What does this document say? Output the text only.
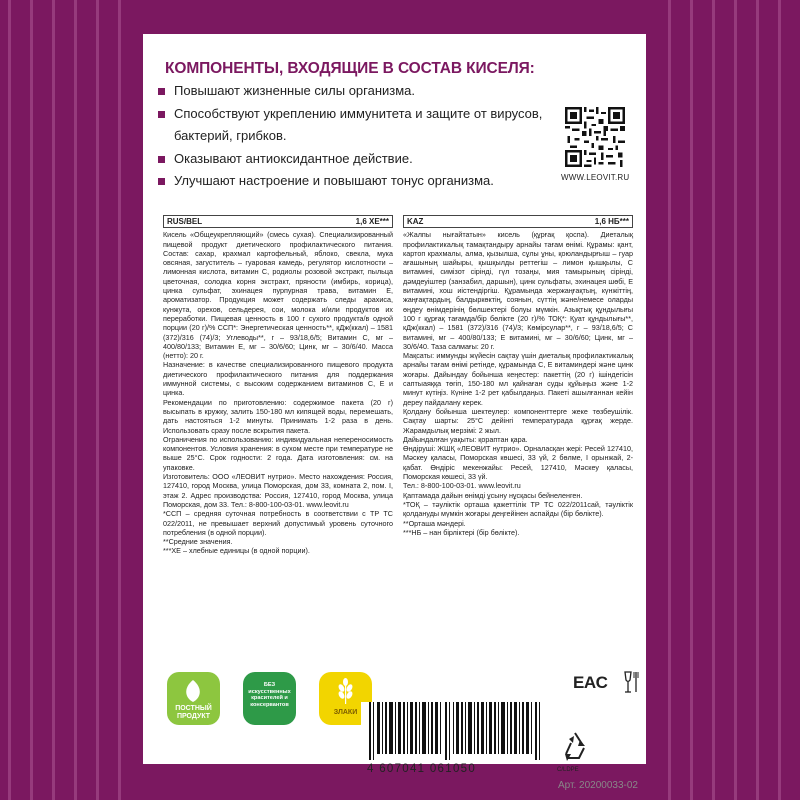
КОМПОНЕНТЫ, ВХОДЯЩИЕ В СОСТАВ КИСЕЛЯ:
Повышают жизненные силы организма.
Способствуют укреплению иммунитета и защите от вирусов, бактерий, грибков.
Оказывают антиоксидантное действие.
Улучшают настроение и повышают тонус организма.	WWW.LEOVIT.RU
RUS/BEL	1,6 ХЕ***

Кисель «Общеукрепляющий» (смесь сухая). Специализированный пищевой продукт диетического профилактического питания. Состав: сахар, крахмал картофельный, яблоко, свекла, мука овсяная, загуститель – гуаровая камедь, регулятор кислотности – лимонная кислота, витамин С, родиолы розовой экстракт, пыльца цветочная, солодка корня экстракт, пряности (имбирь, корица), цинка сульфат, эхинацея пурпурная трава, витамин Е, ароматизатор. Продукция может содержать следы арахиса, кунжута, орехов, сельдерея, сои, молока и/или продуктов их переработки. Пищевая ценность в 100 г сухого продукта/в одной порции (20 г)/% ССП*: Энергетическая ценность**, кДж(ккал) – 1581 (372)/316 (74)/3; Углеводы**, г – 93/18,6/5; Витамин С, мг – 400/80/133; Витамин Е, мг – 30/6/60; Цинк, мг – 30/6/40. Масса (нетто): 20 г.

Назначение: в качестве специализированного пищевого продукта диетического профилактического питания для поддержания иммунной системы, с высоким содержанием витаминов С, Е и цинка.

Рекомендации по приготовлению: содержимое пакета (20 г) высыпать в кружку, залить 150-180 мл кипящей воды, перемешать, дать настояться 1-2 минуты. Принимать 1-2 раза в день. Использовать сразу после вскрытия пакета.

Ограничения по использованию: индивидуальная непереносимость компонентов. Условия хранения: в сухом месте при температуре не выше 25°С. Срок годности: 2 года. Дата изготовления: см. на упаковке.

Изготовитель: ООО «ЛЕОВИТ нутрио». Место нахождения: Россия, 127410, город Москва, улица Поморская, дом 33, комната 2, пом. I, этаж 2. Адрес производства: Россия, 127410, город Москва, улица Поморская, дом 33. Тел.: 8-800-100-03-01. www.leovit.ru

*ССП – средняя суточная потребность в соответствии с ТР ТС 022/2011, не превышает верхний допустимый уровень суточного потребления (в одной порции).

**Средние значения.

***ХЕ – хлебные единицы (в одной порции).

KAZ	1,6 НБ***

«Жалпы нығайтатын» кисель (құрғақ қоспа). Диеталық профилактикалық тамақтандыру арнайы тағам өнімі. Құрамы: қант, картоп крахмалы, алма, қызылша, сұлы ұны, қоюландырғыш – гуар ағашының шайыры, қышқылды реттегіш – лимон қышқылы, С витамині, симізот сірінді, гүл тозаңы, мия тамырының сірінді, дәмдеуіштер (занзабил, даршын), цинк сульфаты, эхинацея шөбі, Е витамині, хош иістендіргіш. Құрамында жержаңғақтың, күнжіттің, жаңғақтардың, балдыркөктің, соянын, сүттің және/немесе оларды өңдеу өнімдерінің бөлшектері болуы мүмкін. Азықтық құндылығы 100 г құрғақ тағамда/бір бөлікте (20 г)/% ТОҚ*: Қуат құндылығы**, кДж(ккал) – 1581 (372)/316 (74)/3; Көмірсулар**, г – 93/18,6/5; С витамині, мг – 400/80/133; Е витамині, мг – 30/6/60; Цинк, мг – 30/6/40. Таза салмағы: 20 г.

Мақсаты: иммунды жүйесін сақтау үшін диеталық профилактикалық арнайы тағам өнімі ретінде, құрамында С, Е витаминдері және цинк жоғары. Дайындау бойынша кеңестер: пакеттің (20 г) ішіндегісін саптыаяққа төгіп, 150-180 мл қайнаған суды құйыңыз және 1-2 минут күтіңіз. Күніне 1-2 рет қабылдаңыз. Пакеті ашылғаннан кейін дереу пайдалану керек.

Қолдану бойынша шектеулер: компоненттерге жеке төзбеушілік. Сақтау шарты: 25°С дейінгі температурада құрғақ жерде. Жарамдылық мерзімі: 2 жыл.

Дайындалған уақыты: қорaптан қара.

Өндіруші: ЖШҚ «ЛЕОВИТ нутрио». Орналасқан жері: Ресей 127410, Мәскеу қаласы, Поморская көшесі, 33 үй, 2 бөлме, I орынжай, 2-қабат. Өндіріс мекенжайы: Ресей, 127410, Мәскеу қаласы, Поморская көшесі, 33 үй.

Тел.: 8-800-100-03-01. www.leovit.ru

Қаптамада дайын өнімді ұсыну нұсқасы бейнеленген.

*ТОҚ – тәуліктік орташа қажеттілік ТР ТС 022/2011сай, тәуліктік қолдануды мүмкін жоғары деңгейінен аспайды (бір бөлікте).

**Орташа мәндері.

***НБ – нан бірліктері (бір бөлікте).

ПОСТНЫЙ ПРОДУКТ
БЕЗ искусственных красителей и консервантов
ЗЛАКИ
EAC
C/LDPE
4 607041 061050
Арт. 20200033-02
